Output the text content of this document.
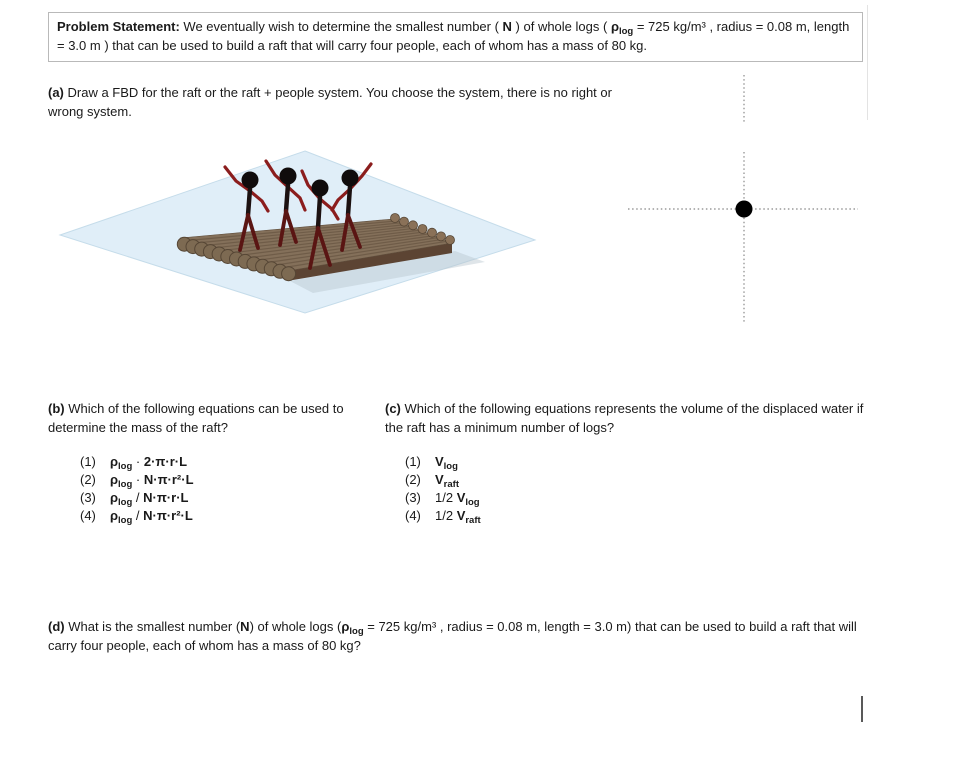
Problem Statement: We eventually wish to determine the smallest number ( N ) of whole logs ( $\rho_{log} = 725$ kg/m³ , radius = 0.08 m, length = 3.0 m ) that can be used to build a raft that will carry four people, each of whom has a mass of 80 kg.
(a) Draw a FBD for the raft or the raft + people system. You choose the system, there is no right or wrong system.
(b) Which of the following equations can be used to determine the mass of the raft?
(1) $\rho_{log} \cdot 2\cdot\pi\cdot r\cdot L$
(2) $\rho_{log} \cdot N\cdot\pi\cdot r^2\cdot L$
(3) $\rho_{log} / N\cdot\pi\cdot r\cdot L$
(4) $\rho_{log} / N\cdot\pi\cdot r^2\cdot L$
(c) Which of the following equations represents the volume of the displaced water if the raft has a minimum number of logs?
(1) $V_{log}$
(2) $V_{raft}$
(3) 1/2 $V_{log}$
(4) 1/2 $V_{raft}$
(d) What is the smallest number (N) of whole logs ($\rho_{log} = 725$ kg/m³ , radius = 0.08 m, length = 3.0 m) that can be used to build a raft that will carry four people, each of whom has a mass of 80 kg?
